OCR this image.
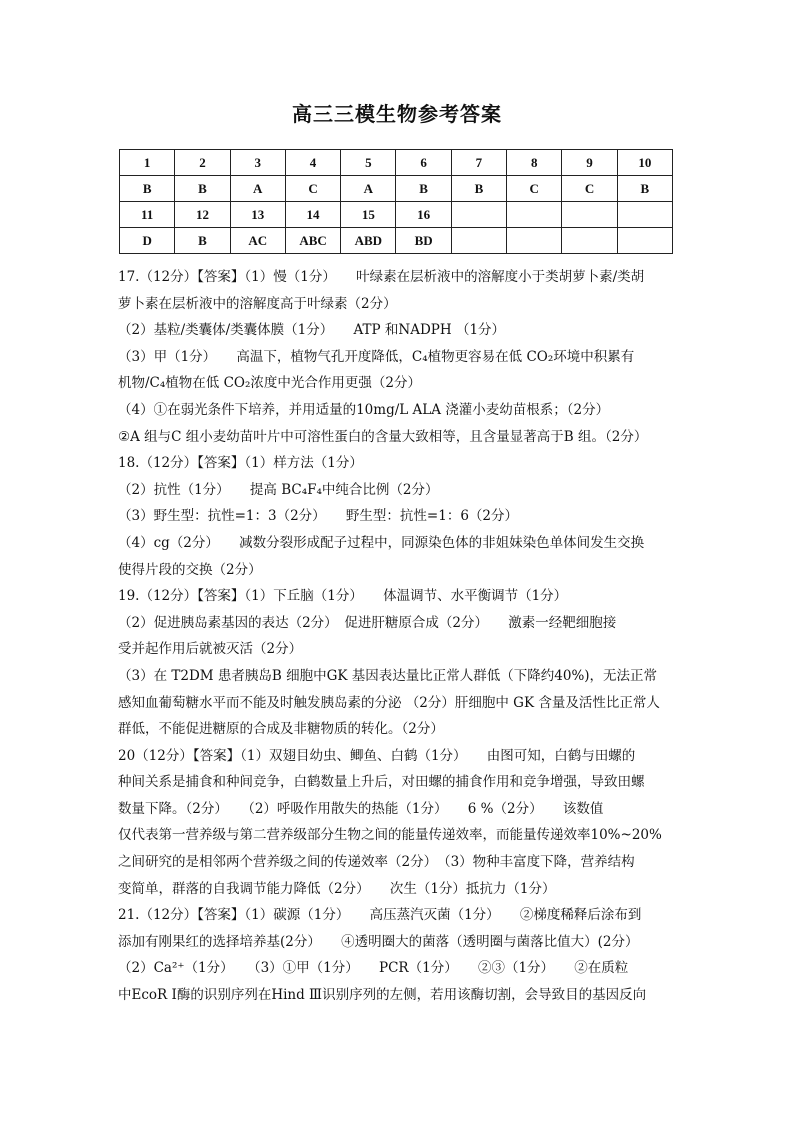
高三三模生物参考答案
1	2	3	4	5	6	7	8	9	10
B	B	A	C	A	B	B	C	C	B
11	12	13	14	15	16				
D	B	AC	ABC	ABD	BD				
17.（12分）【答案】（1）慢（1分）　　叶绿素在层析液中的溶解度小于类胡萝卜素/类胡
萝卜素在层析液中的溶解度高于叶绿素（2分）
（2）基粒/类囊体/类囊体膜（1分）　　ATP 和NADPH （1分）
（3）甲（1分）　　高温下，植物气孔开度降低，C₄植物更容易在低 CO₂环境中积累有
机物/C₄植物在低 CO₂浓度中光合作用更强（2分）
（4）①在弱光条件下培养，并用适量的10mg/L ALA 浇灌小麦幼苗根系；（2分）
②A 组与C 组小麦幼苗叶片中可溶性蛋白的含量大致相等，且含量显著高于B 组。（2分）
18.（12分）【答案】（1）样方法（1分）
（2）抗性（1分）　　提高 BC₄F₄中纯合比例（2分）
（3）野生型：抗性=1：3（2分）　　野生型：抗性=1：6（2分）
（4）cg（2分）　　减数分裂形成配子过程中，同源染色体的非姐妹染色单体间发生交换
使得片段的交换（2分）
19.（12分）【答案】（1）下丘脑（1分）　　体温调节、水平衡调节（1分）
（2）促进胰岛素基因的表达（2分）　促进肝糖原合成（2分）　　激素一经靶细胞接
受并起作用后就被灭活（2分）
（3）在 T2DM 患者胰岛B 细胞中GK 基因表达量比正常人群低（下降约40%)，无法正常
感知血葡萄糖水平而不能及时触发胰岛素的分泌 （2分）肝细胞中 GK 含量及活性比正常人
群低，不能促进糖原的合成及非糖物质的转化。（2分）
20（12分）【答案】（1）双翅目幼虫、鲫鱼、白鹤（1分）　　由图可知，白鹤与田螺的
种间关系是捕食和种间竞争，白鹤数量上升后，对田螺的捕食作用和竞争增强，导致田螺
数量下降。（2分）　　（2）呼吸作用散失的热能（1分）　　6 %（2分）　　该数值
仅代表第一营养级与第二营养级部分生物之间的能量传递效率，而能量传递效率10%~20%
之间研究的是相邻两个营养级之间的传递效率（2分）　（3）物种丰富度下降，营养结构
变简单，群落的自我调节能力降低（2分）　　次生（1分）抵抗力（1分）
21.（12分）【答案】（1）碳源（1分）　　高压蒸汽灭菌（1分）　　②梯度稀释后涂布到
添加有刚果红的选择培养基(2分）　　④透明圈大的菌落（透明圈与菌落比值大）(2分）
（2）Ca²⁺（1分）　　（3）①甲（1分）　　PCR（1分）　　②③（1分）　　②在质粒
中EcoR Ⅰ酶的识别序列在Hind Ⅲ识别序列的左侧，若用该酶切割，会导致目的基因反向
